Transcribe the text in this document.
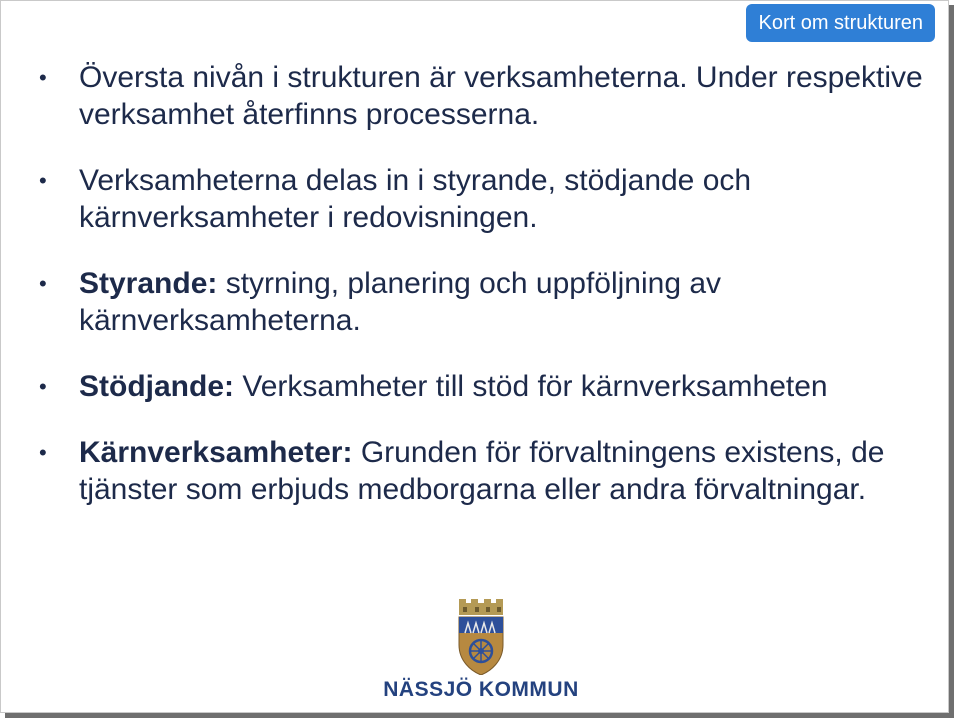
Kort om strukturen
• Översta nivån i strukturen är verksamheterna. Under respektive verksamhet återfinns processerna.
• Verksamheterna delas in i styrande, stödjande och kärnverksamheter i redovisningen.
• Styrande: styrning, planering och uppföljning av kärnverksamheterna.
• Stödjande: Verksamheter till stöd för kärnverksamheten
• Kärnverksamheter: Grunden för förvaltningens existens, de tjänster som erbjuds medborgarna eller andra förvaltningar.
NÄSSJÖ KOMMUN
